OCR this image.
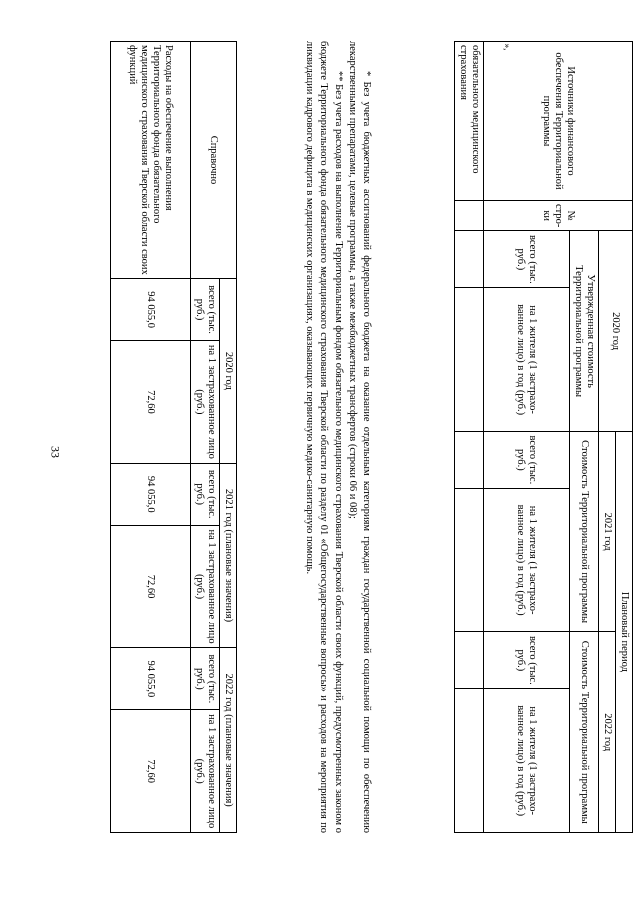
33
»,
Источники финансового обеспечения Территориальной программы	№ стро-ки	2020 год		Плановый период			
				2021 год		2022 год	
		Утвержденная стоимость Территориальной программы		Стоимость Территориальной программы		Стоимость Территориальной программы	
		всего (тыс. руб.)	на 1 жителя (1 застрахо-ванное лицо) в год (руб.)	всего (тыс. руб.)	на 1 жителя (1 застрахо-ванное лицо) в год (руб.)	всего (тыс. руб.)	на 1 жителя (1 застрахо-ванное лицо) в год (руб.)
обязательного медицинского страхования							

* Без учета бюджетных ассигнований федерального бюджета на оказание отдельным категориям граждан государственной социальной помощи по обеспечению лекарственными препаратами, целевые программы, а также межбюджетных трансфертов (строки 06 и 08);

** Без учета расходов на выполнение Территориальным фондом обязательного медицинского страхования Тверской области своих функций, предусмотренных законом о бюджете Территориального фонда обязательного медицинского страхования Тверской области по разделу 01 «Общегосударственные вопросы» и расходов на мероприятия по ликвидации кадрового дефицита в медицинских организациях, оказывающих первичную медико-санитарную помощь.

Справочно	2020 год		2021 год (плановые значения)		2022 год (плановые значения)	
	всего (тыс. руб.)	на 1 застрахованное лицо (руб.)	всего (тыс. руб.)	на 1 застрахованное лицо (руб.)	всего (тыс. руб.)	на 1 застрахованное лицо (руб.)
Расходы на обеспечение выполнения Территориального фонда обязательного медицинского страхования Тверской области своих функций	94 055,0	72,60	94 055,0	72,60	94 055,0	72,60
